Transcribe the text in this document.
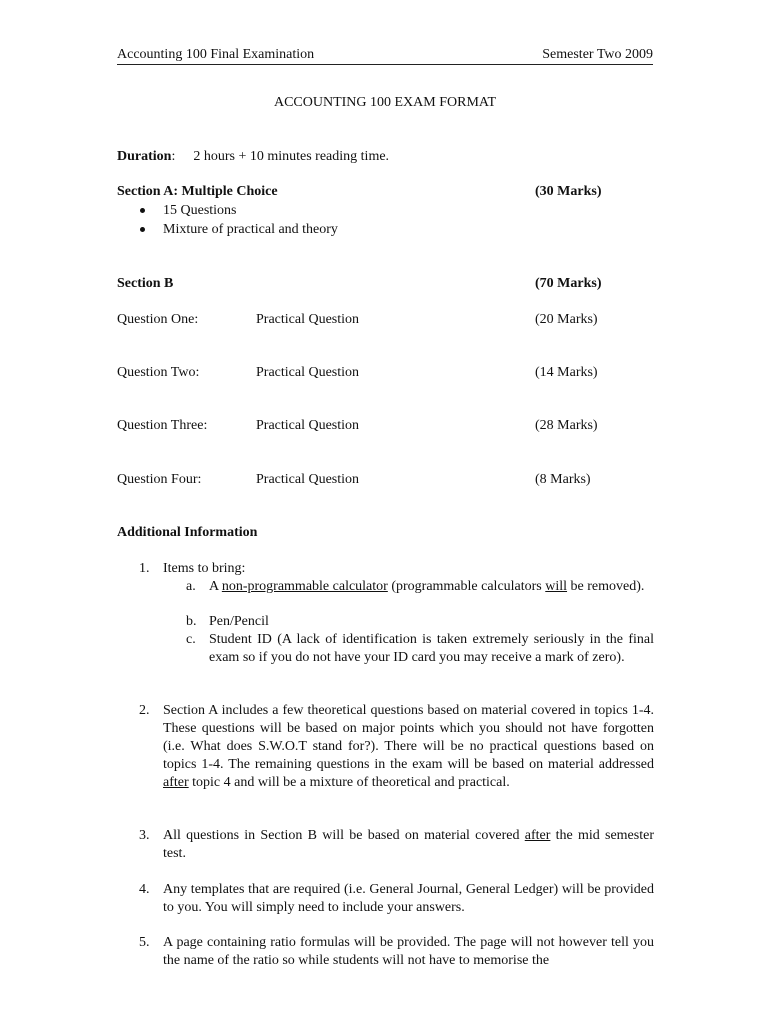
Accounting 100 Final Examination	Semester Two 2009
ACCOUNTING 100 EXAM FORMAT
Duration: 2 hours + 10 minutes reading time.
Section A: Multiple Choice	(30 Marks)
15 Questions
Mixture of practical and theory
Section B	(70 Marks)
Question One:	Practical Question	(20 Marks)
Question Two:	Practical Question	(14 Marks)
Question Three:	Practical Question	(28 Marks)
Question Four:	Practical Question	(8 Marks)
Additional Information
1. Items to bring:
a. A non-programmable calculator (programmable calculators will be removed).
b. Pen/Pencil
c. Student ID (A lack of identification is taken extremely seriously in the final exam so if you do not have your ID card you may receive a mark of zero).
2. Section A includes a few theoretical questions based on material covered in topics 1-4. These questions will be based on major points which you should not have forgotten (i.e. What does S.W.O.T stand for?). There will be no practical questions based on topics 1-4. The remaining questions in the exam will be based on material addressed after topic 4 and will be a mixture of theoretical and practical.
3. All questions in Section B will be based on material covered after the mid semester test.
4. Any templates that are required (i.e. General Journal, General Ledger) will be provided to you. You will simply need to include your answers.
5. A page containing ratio formulas will be provided. The page will not however tell you the name of the ratio so while students will not have to memorise the
